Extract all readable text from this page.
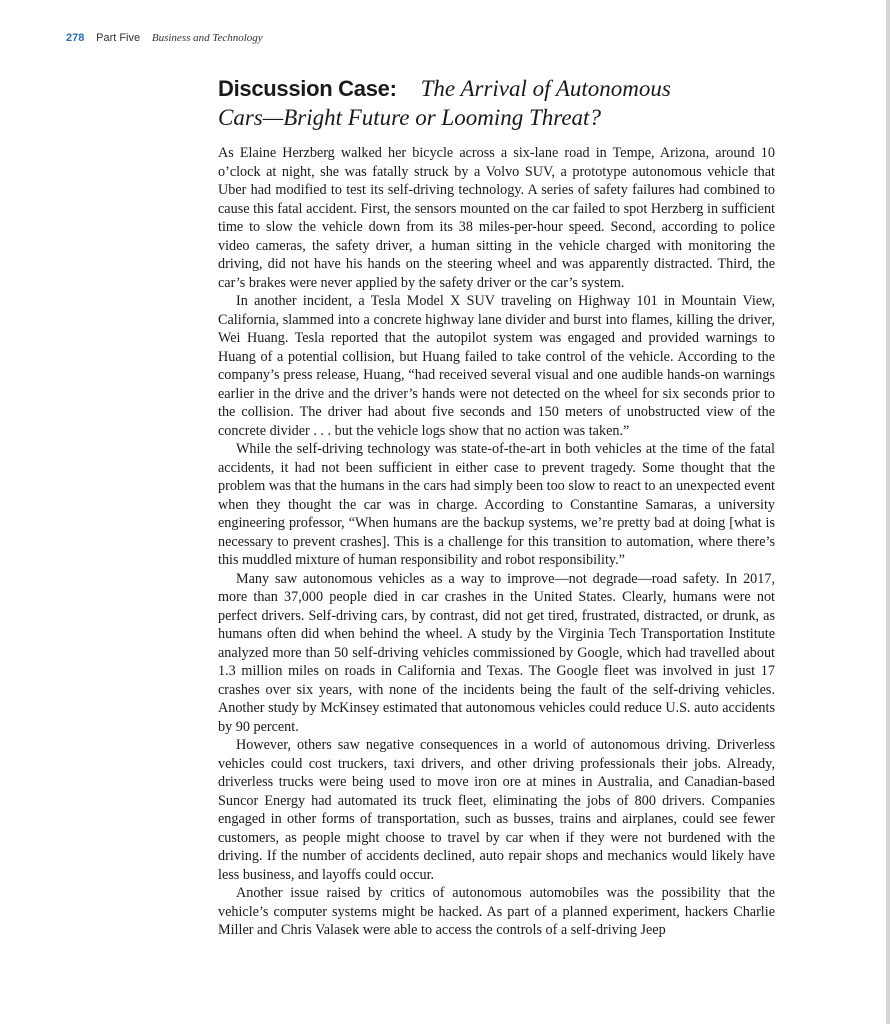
278 Part Five Business and Technology
Discussion Case: The Arrival of Autonomous
Cars—Bright Future or Looming Threat?

As Elaine Herzberg walked her bicycle across a six-lane road in Tempe, Arizona, around 10 o’clock at night, she was fatally struck by a Volvo SUV, a prototype autonomous vehicle that Uber had modified to test its self-driving technology. A series of safety failures had combined to cause this fatal accident. First, the sensors mounted on the car failed to spot Herzberg in sufficient time to slow the vehicle down from its 38 miles-per-hour speed. Second, according to police video cameras, the safety driver, a human sitting in the vehicle charged with monitoring the driving, did not have his hands on the steering wheel and was apparently distracted. Third, the car’s brakes were never applied by the safety driver or the car’s system.

In another incident, a Tesla Model X SUV traveling on Highway 101 in Mountain View, California, slammed into a concrete highway lane divider and burst into flames, killing the driver, Wei Huang. Tesla reported that the autopilot system was engaged and provided warnings to Huang of a potential collision, but Huang failed to take control of the vehicle. According to the company’s press release, Huang, “had received several visual and one audible hands-on warnings earlier in the drive and the driver’s hands were not detected on the wheel for six seconds prior to the collision. The driver had about five seconds and 150 meters of unobstructed view of the concrete divider . . . but the vehicle logs show that no action was taken.”

While the self-driving technology was state-of-the-art in both vehicles at the time of the fatal accidents, it had not been sufficient in either case to prevent tragedy. Some thought that the problem was that the humans in the cars had simply been too slow to react to an unexpected event when they thought the car was in charge. According to Constantine Samaras, a university engineering professor, “When humans are the backup systems, we’re pretty bad at doing [what is necessary to prevent crashes]. This is a challenge for this transition to automation, where there’s this muddled mixture of human responsibility and robot responsibility.”

Many saw autonomous vehicles as a way to improve—not degrade—road safety. In 2017, more than 37,000 people died in car crashes in the United States. Clearly, humans were not perfect drivers. Self-driving cars, by contrast, did not get tired, frustrated, distracted, or drunk, as humans often did when behind the wheel. A study by the Virginia Tech Transportation Institute analyzed more than 50 self-driving vehicles commissioned by Google, which had travelled about 1.3 million miles on roads in California and Texas. The Google fleet was involved in just 17 crashes over six years, with none of the incidents being the fault of the self-driving vehicles. Another study by McKinsey estimated that autonomous vehicles could reduce U.S. auto accidents by 90 percent.

However, others saw negative consequences in a world of autonomous driving. Driverless vehicles could cost truckers, taxi drivers, and other driving professionals their jobs. Already, driverless trucks were being used to move iron ore at mines in Australia, and Canadian-based Suncor Energy had automated its truck fleet, eliminating the jobs of 800 drivers. Companies engaged in other forms of transportation, such as busses, trains and airplanes, could see fewer customers, as people might choose to travel by car when if they were not burdened with the driving. If the number of accidents declined, auto repair shops and mechanics would likely have less business, and layoffs could occur.

Another issue raised by critics of autonomous automobiles was the possibility that the vehicle’s computer systems might be hacked. As part of a planned experiment, hackers Charlie Miller and Chris Valasek were able to access the controls of a self-driving Jeep
